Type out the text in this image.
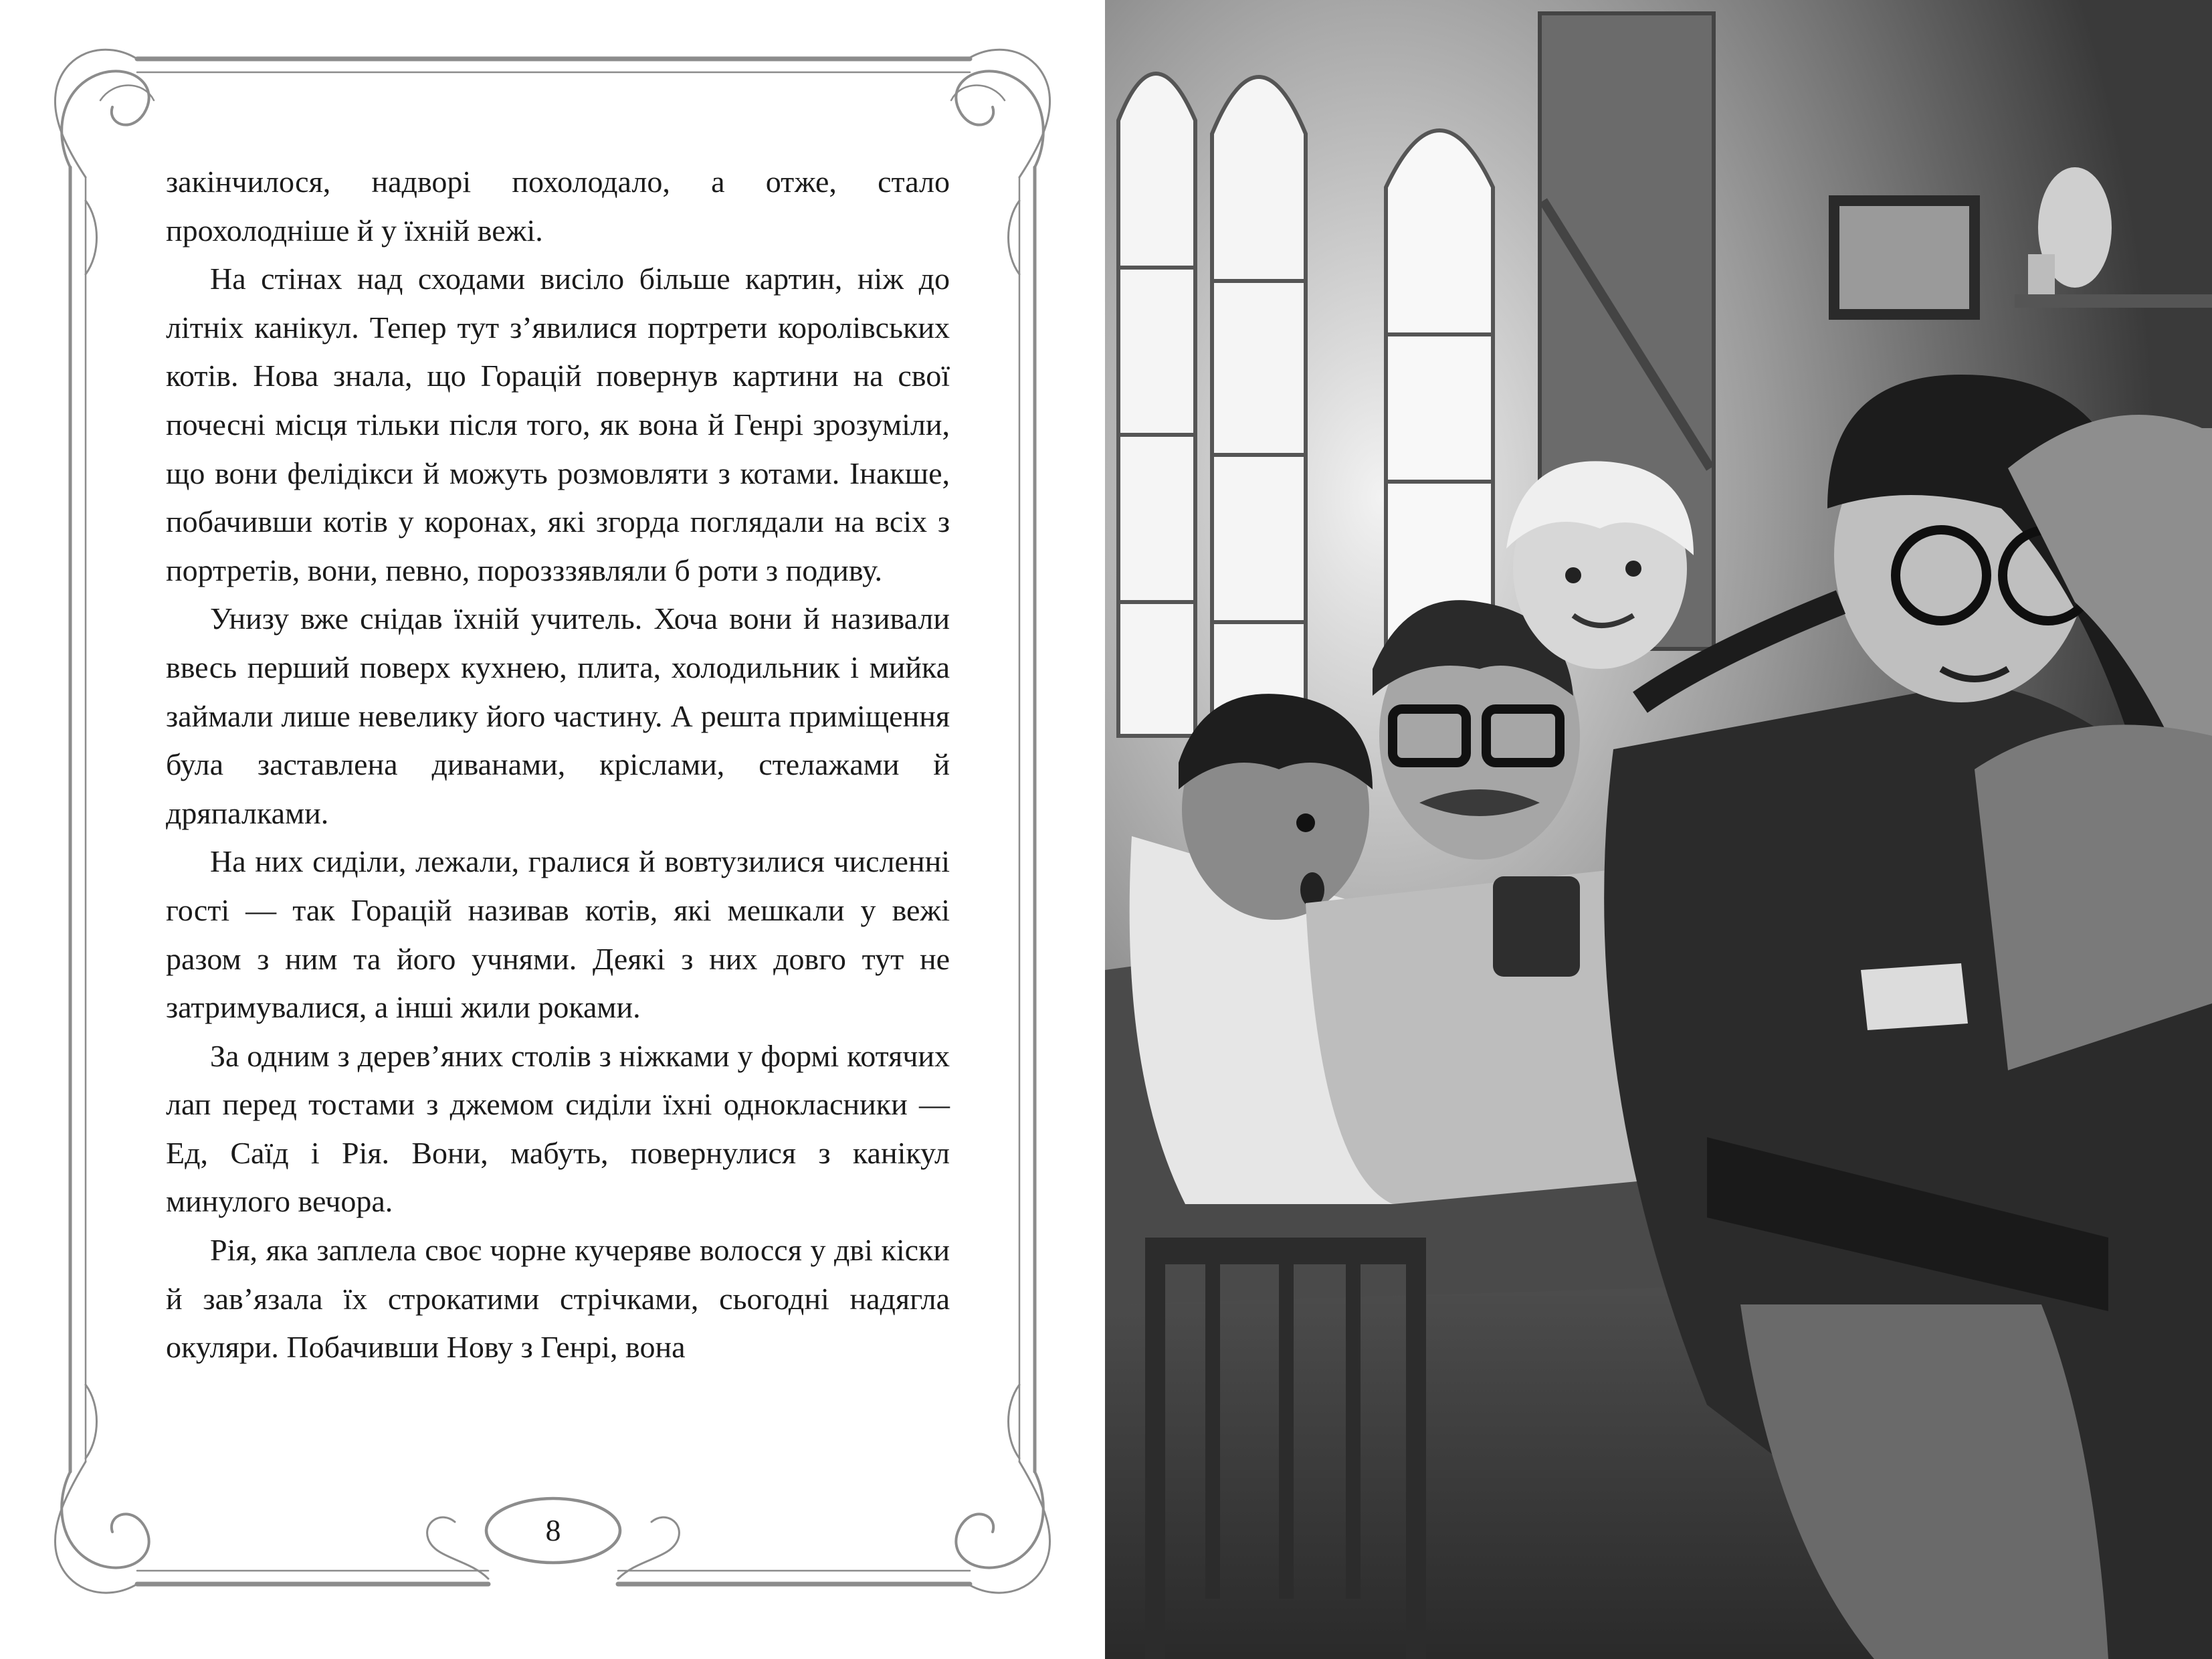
закінчилося, надворі похолодало, а отже, стало прохолодніше й у їхній вежі.

На стінах над сходами висіло більше картин, ніж до літніх канікул. Тепер тут з’явилися портрети королівських котів. Нова знала, що Горацій повернув картини на свої почесні місця тільки після того, як вона й Генрі зрозуміли, що вони фелідікси й можуть розмовляти з котами. Інакше, побачивши котів у коронах, які згорда поглядали на всіх з портретів, вони, певно, порозззявляли б роти з подиву.

Унизу вже снідав їхній учитель. Хоча вони й називали ввесь перший поверх кухнею, плита, холодильник і мийка займали лише невелику його частину. А решта приміщення була заставлена диванами, кріслами, стелажами й дряпалками.

На них сиділи, лежали, гралися й вовтузилися численні гості — так Горацій називав котів, які мешкали у вежі разом з ним та його учнями. Деякі з них довго тут не затримувалися, а інші жили роками.

За одним з дерев’яних столів з ніжками у формі котячих лап перед тостами з джемом сиділи їхні однокласники — Ед, Саїд і Рія. Вони, мабуть, повернулися з канікул минулого вечора.

Рія, яка заплела своє чорне кучеряве волосся у дві кіски й зав’язала їх строкатими стрічками, сьогодні надягла окуляри. Побачивши Нову з Генрі, вона

8
